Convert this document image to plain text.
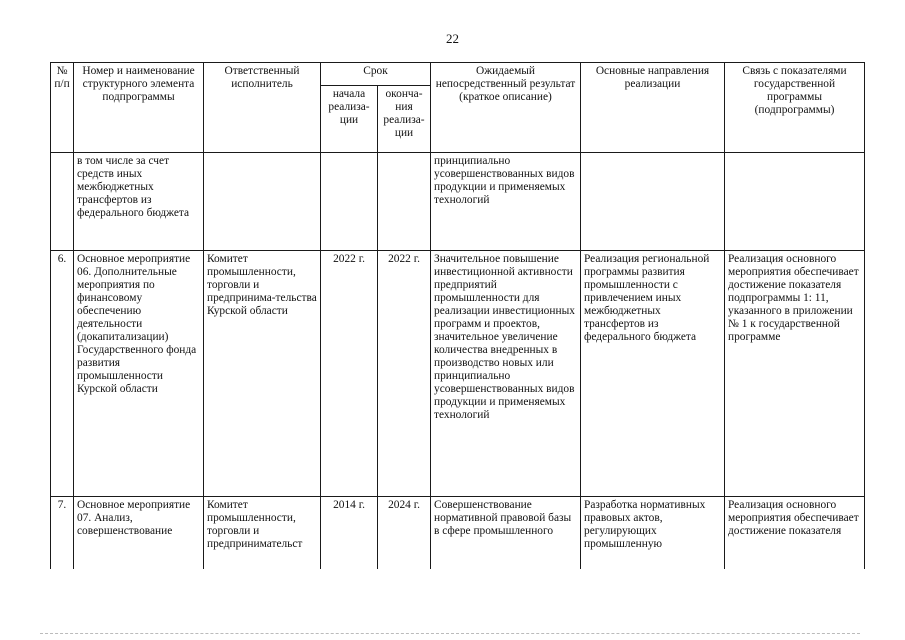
22
№ п/п	Номер и наименование структурного элемента подпрограммы	Ответственный исполнитель	Срок		Ожидаемый непосредственный результат (краткое описание)	Основные направления реализации	Связь с показателями государственной программы (подпрограммы)
			начала реализа-ции	оконча-ния реализа-ции			
	в том числе за счет средств иных межбюджетных трансфертов из федерального бюджета				принципиально усовершенствованных видов продукции и применяемых технологий		
6.	Основное мероприятие 06. Дополнительные мероприятия по финансовому обеспечению деятельности (докапитализации) Государственного фонда развития промышленности Курской области	Комитет промышленности, торговли и предпринима-тельства Курской области	2022 г.	2022 г.	Значительное повышение инвестиционной активности предприятий промышленности для реализации инвестиционных программ и проектов, значительное увеличение количества внедренных в производство новых или принципиально усовершенствованных видов продукции и применяемых технологий	Реализация региональной программы развития промышленности с привлечением иных межбюджетных трансфертов из федерального бюджета	Реализация основного мероприятия обеспечивает достижение показателя подпрограммы 1: 11, указанного в приложении № 1 к государственной программе
7.	Основное мероприятие 07. Анализ, совершенствование	Комитет промышленности, торговли и предпринимательст	2014 г.	2024 г.	Совершенствование нормативной правовой базы в сфере промышленного	Разработка нормативных правовых актов, регулирующих промышленную	Реализация основного мероприятия обеспечивает достижение показателя
